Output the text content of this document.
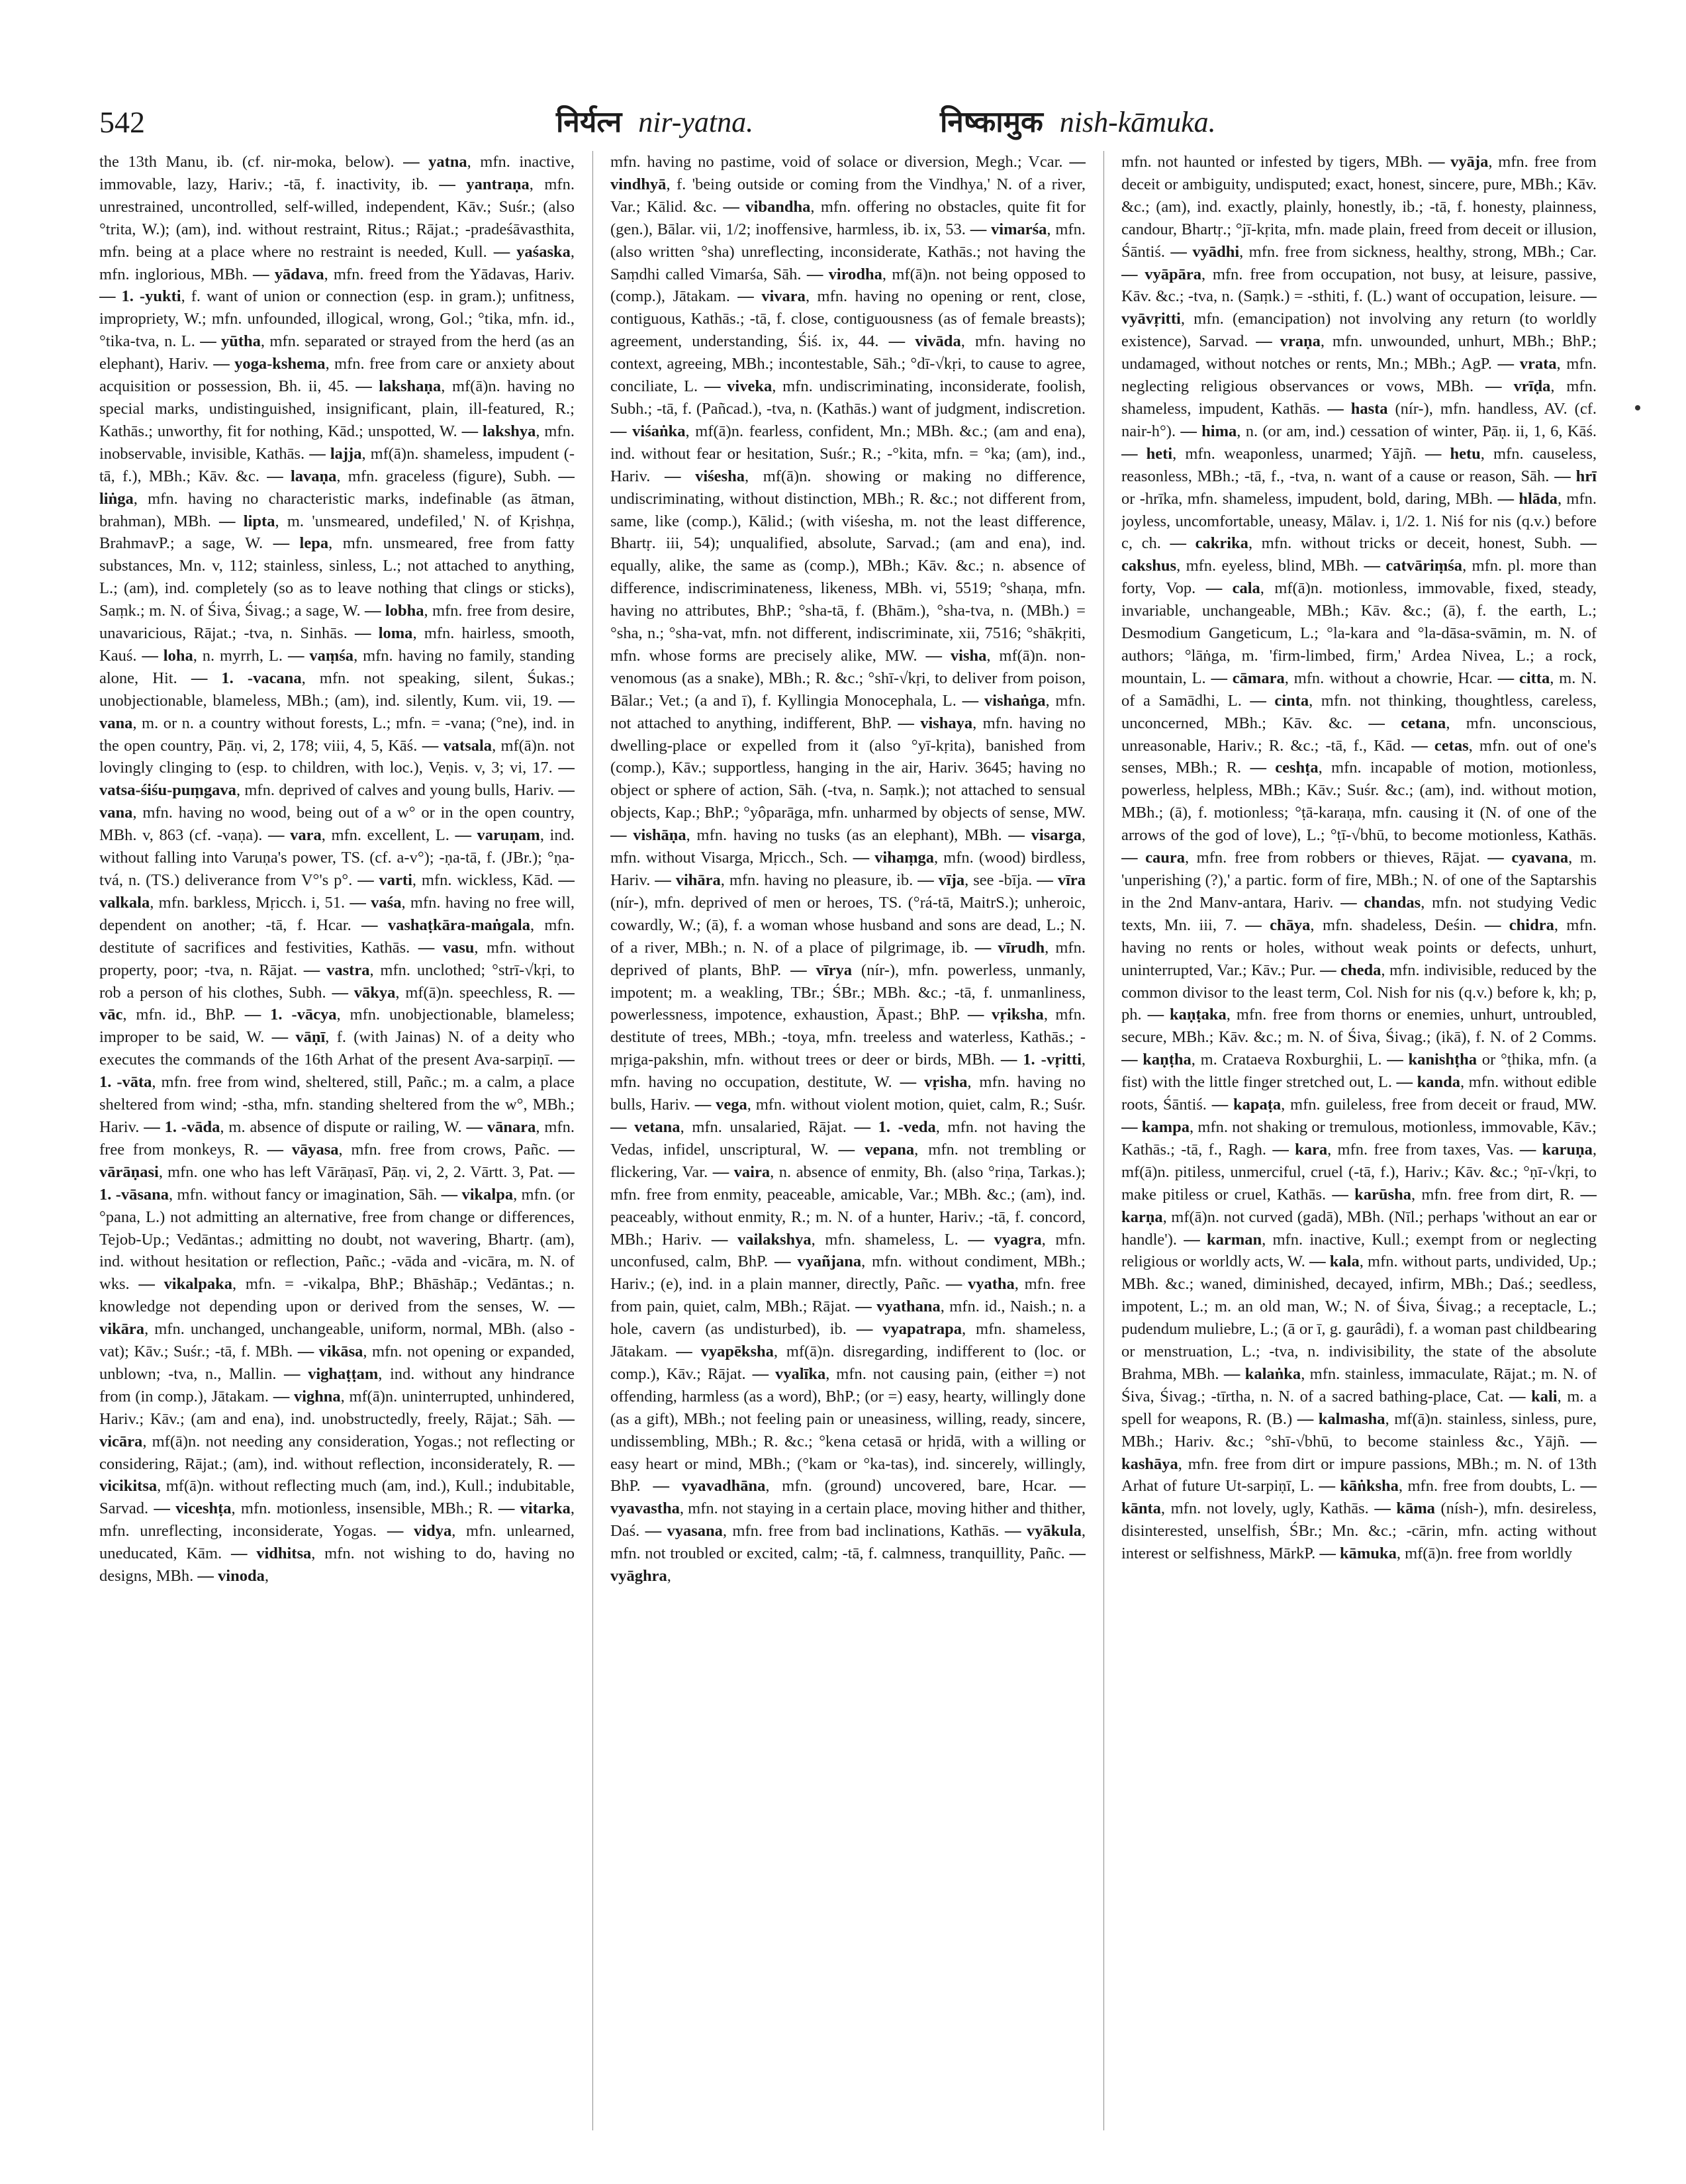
542	निर्यत्न nir-yatna.	निष्कामुक nish-kāmuka.

the 13th Manu, ib. (cf. nir-moka, below). — yatna, mfn. inactive, immovable, lazy, Hariv.; -tā, f. inactivity, ib. — yantraṇa, mfn. unrestrained, uncontrolled, self-willed, independent, Kāv.; Suśr.; (also °trita, W.); (am), ind. without restraint, Ritus.; Rājat.; -pradeśāvasthita, mfn. being at a place where no restraint is needed, Kull. — yaśaska, mfn. inglorious, MBh. — yādava, mfn. freed from the Yādavas, Hariv. — 1. -yukti, f. want of union or connection (esp. in gram.); unfitness, impropriety, W.; mfn. unfounded, illogical, wrong, Gol.; °tika, mfn. id., °tika-tva, n. L. — yūtha, mfn. separated or strayed from the herd (as an elephant), Hariv. — yoga-kshema, mfn. free from care or anxiety about acquisition or possession, Bh. ii, 45. — lakshaṇa, mf(ā)n. having no special marks, undistinguished, insignificant, plain, ill-featured, R.; Kathās.; unworthy, fit for nothing, Kād.; unspotted, W. — lakshya, mfn. inobservable, invisible, Kathās. — lajja, mf(ā)n. shameless, impudent (-tā, f.), MBh.; Kāv. &c. — lavaṇa, mfn. graceless (figure), Subh. — liṅga, mfn. having no characteristic marks, indefinable (as ātman, brahman), MBh. — lipta, m. 'unsmeared, undefiled,' N. of Kṛishṇa, BrahmavP.; a sage, W. — lepa, mfn. unsmeared, free from fatty substances, Mn. v, 112; stainless, sinless, L.; not attached to anything, L.; (am), ind. completely (so as to leave nothing that clings or sticks), Saṃk.; m. N. of Śiva, Śivag.; a sage, W. — lobha, mfn. free from desire, unavaricious, Rājat.; -tva, n. Sinhās. — loma, mfn. hairless, smooth, Kauś. — loha, n. myrrh, L. — vaṃśa, mfn. having no family, standing alone, Hit. — 1. -vacana, mfn. not speaking, silent, Śukas.; unobjectionable, blameless, MBh.; (am), ind. silently, Kum. vii, 19. — vana, m. or n. a country without forests, L.; mfn. = -vana; (°ne), ind. in the open country, Pāṇ. vi, 2, 178; viii, 4, 5, Kāś. — vatsala, mf(ā)n. not lovingly clinging to (esp. to children, with loc.), Veṇis. v, 3; vi, 17. — vatsa-śiśu-puṃgava, mfn. deprived of calves and young bulls, Hariv. — vana, mfn. having no wood, being out of a w° or in the open country, MBh. v, 863 (cf. -vaṇa). — vara, mfn. excellent, L. — varuṇam, ind. without falling into Varuṇa's power, TS. (cf. a-v°); -ṇa-tā, f. (JBr.); °ṇa-tvá, n. (TS.) deliverance from V°'s p°. — varti, mfn. wickless, Kād. — valkala, mfn. barkless, Mṛicch. i, 51. — vaśa, mfn. having no free will, dependent on another; -tā, f. Hcar. — vashaṭkāra-maṅgala, mfn. destitute of sacrifices and festivities, Kathās. — vasu, mfn. without property, poor; -tva, n. Rājat. — vastra, mfn. unclothed; °strī-√kṛi, to rob a person of his clothes, Subh. — vākya, mf(ā)n. speechless, R. — vāc, mfn. id., BhP. — 1. -vācya, mfn. unobjectionable, blameless; improper to be said, W. — vāṇī, f. (with Jainas) N. of a deity who executes the commands of the 16th Arhat of the present Ava-sarpiṇī. — 1. -vāta, mfn. free from wind, sheltered, still, Pañc.; m. a calm, a place sheltered from wind; -stha, mfn. standing sheltered from the w°, MBh.; Hariv. — 1. -vāda, m. absence of dispute or railing, W. — vānara, mfn. free from monkeys, R. — vāyasa, mfn. free from crows, Pañc. — vārāṇasi, mfn. one who has left Vārāṇasī, Pāṇ. vi, 2, 2. Vārtt. 3, Pat. — 1. -vāsana, mfn. without fancy or imagination, Sāh. — vikalpa, mfn. (or °pana, L.) not admitting an alternative, free from change or differences, Tejob-Up.; Vedāntas.; admitting no doubt, not wavering, Bhartṛ. (am), ind. without hesitation or reflection, Pañc.; -vāda and -vicāra, m. N. of wks. — vikalpaka, mfn. = -vikalpa, BhP.; Bhāshāp.; Vedāntas.; n. knowledge not depending upon or derived from the senses, W. — vikāra, mfn. unchanged, unchangeable, uniform, normal, MBh. (also -vat); Kāv.; Suśr.; -tā, f. MBh. — vikāsa, mfn. not opening or expanded, unblown; -tva, n., Mallin. — vighaṭṭam, ind. without any hindrance from (in comp.), Jātakam. — vighna, mf(ā)n. uninterrupted, unhindered, Hariv.; Kāv.; (am and ena), ind. unobstructedly, freely, Rājat.; Sāh. — vicāra, mf(ā)n. not needing any consideration, Yogas.; not reflecting or considering, Rājat.; (am), ind. without reflection, inconsiderately, R. — vicikitsa, mf(ā)n. without reflecting much (am, ind.), Kull.; indubitable, Sarvad. — viceshṭa, mfn. motionless, insensible, MBh.; R. — vitarka, mfn. unreflecting, inconsiderate, Yogas. — vidya, mfn. unlearned, uneducated, Kām. — vidhitsa, mfn. not wishing to do, having no designs, MBh. — vinoda,

mfn. having no pastime, void of solace or diversion, Megh.; Vcar. — vindhyā, f. 'being outside or coming from the Vindhya,' N. of a river, Var.; Kālid. &c. — vibandha, mfn. offering no obstacles, quite fit for (gen.), Bālar. vii, 1/2; inoffensive, harmless, ib. ix, 53. — vimarśa, mfn. (also written °sha) unreflecting, inconsiderate, Kathās.; not having the Saṃdhi called Vimarśa, Sāh. — virodha, mf(ā)n. not being opposed to (comp.), Jātakam. — vivara, mfn. having no opening or rent, close, contiguous, Kathās.; -tā, f. close, contiguousness (as of female breasts); agreement, understanding, Śiś. ix, 44. — vivāda, mfn. having no context, agreeing, MBh.; incontestable, Sāh.; °dī-√kṛi, to cause to agree, conciliate, L. — viveka, mfn. undiscriminating, inconsiderate, foolish, Subh.; -tā, f. (Pañcad.), -tva, n. (Kathās.) want of judgment, indiscretion. — viśaṅka, mf(ā)n. fearless, confident, Mn.; MBh. &c.; (am and ena), ind. without fear or hesitation, Suśr.; R.; -°kita, mfn. = °ka; (am), ind., Hariv. — viśesha, mf(ā)n. showing or making no difference, undiscriminating, without distinction, MBh.; R. &c.; not different from, same, like (comp.), Kālid.; (with viśesha, m. not the least difference, Bhartṛ. iii, 54); unqualified, absolute, Sarvad.; (am and ena), ind. equally, alike, the same as (comp.), MBh.; Kāv. &c.; n. absence of difference, indiscriminateness, likeness, MBh. vi, 5519; °shaṇa, mfn. having no attributes, BhP.; °sha-tā, f. (Bhām.), °sha-tva, n. (MBh.) = °sha, n.; °sha-vat, mfn. not different, indiscriminate, xii, 7516; °shākṛiti, mfn. whose forms are precisely alike, MW. — visha, mf(ā)n. non-venomous (as a snake), MBh.; R. &c.; °shī-√kṛi, to deliver from poison, Bālar.; Vet.; (a and ī), f. Kyllingia Monocephala, L. — vishaṅga, mfn. not attached to anything, indifferent, BhP. — vishaya, mfn. having no dwelling-place or expelled from it (also °yī-kṛita), banished from (comp.), Kāv.; supportless, hanging in the air, Hariv. 3645; having no object or sphere of action, Sāh. (-tva, n. Saṃk.); not attached to sensual objects, Kap.; BhP.; °yôparāga, mfn. unharmed by objects of sense, MW. — vishāṇa, mfn. having no tusks (as an elephant), MBh. — visarga, mfn. without Visarga, Mṛicch., Sch. — vihaṃga, mfn. (wood) birdless, Hariv. — vihāra, mfn. having no pleasure, ib. — vīja, see -bīja. — vīra (nír-), mfn. deprived of men or heroes, TS. (°rá-tā, MaitrS.); unheroic, cowardly, W.; (ā), f. a woman whose husband and sons are dead, L.; N. of a river, MBh.; n. N. of a place of pilgrimage, ib. — vīrudh, mfn. deprived of plants, BhP. — vīrya (nír-), mfn. powerless, unmanly, impotent; m. a weakling, TBr.; ŚBr.; MBh. &c.; -tā, f. unmanliness, powerlessness, impotence, exhaustion, Āpast.; BhP. — vṛiksha, mfn. destitute of trees, MBh.; -toya, mfn. treeless and waterless, Kathās.; -mṛiga-pakshin, mfn. without trees or deer or birds, MBh. — 1. -vṛitti, mfn. having no occupation, destitute, W. — vṛisha, mfn. having no bulls, Hariv. — vega, mfn. without violent motion, quiet, calm, R.; Suśr. — vetana, mfn. unsalaried, Rājat. — 1. -veda, mfn. not having the Vedas, infidel, unscriptural, W. — vepana, mfn. not trembling or flickering, Var. — vaira, n. absence of enmity, Bh. (also °riṇa, Tarkas.); mfn. free from enmity, peaceable, amicable, Var.; MBh. &c.; (am), ind. peaceably, without enmity, R.; m. N. of a hunter, Hariv.; -tā, f. concord, MBh.; Hariv. — vailakshya, mfn. shameless, L. — vyagra, mfn. unconfused, calm, BhP. — vyañjana, mfn. without condiment, MBh.; Hariv.; (e), ind. in a plain manner, directly, Pañc. — vyatha, mfn. free from pain, quiet, calm, MBh.; Rājat. — vyathana, mfn. id., Naish.; n. a hole, cavern (as undisturbed), ib. — vyapatrapa, mfn. shameless, Jātakam. — vyapēksha, mf(ā)n. disregarding, indifferent to (loc. or comp.), Kāv.; Rājat. — vyalīka, mfn. not causing pain, (either =) not offending, harmless (as a word), BhP.; (or =) easy, hearty, willingly done (as a gift), MBh.; not feeling pain or uneasiness, willing, ready, sincere, undissembling, MBh.; R. &c.; °kena cetasā or hṛidā, with a willing or easy heart or mind, MBh.; (°kam or °ka-tas), ind. sincerely, willingly, BhP. — vyavadhāna, mfn. (ground) uncovered, bare, Hcar. — vyavastha, mfn. not staying in a certain place, moving hither and thither, Daś. — vyasana, mfn. free from bad inclinations, Kathās. — vyākula, mfn. not troubled or excited, calm; -tā, f. calmness, tranquillity, Pañc. — vyāghra,

mfn. not haunted or infested by tigers, MBh. — vyāja, mfn. free from deceit or ambiguity, undisputed; exact, honest, sincere, pure, MBh.; Kāv. &c.; (am), ind. exactly, plainly, honestly, ib.; -tā, f. honesty, plainness, candour, Bhartṛ.; °jī-kṛita, mfn. made plain, freed from deceit or illusion, Śāntiś. — vyādhi, mfn. free from sickness, healthy, strong, MBh.; Car. — vyāpāra, mfn. free from occupation, not busy, at leisure, passive, Kāv. &c.; -tva, n. (Saṃk.) = -sthiti, f. (L.) want of occupation, leisure. — vyāvṛitti, mfn. (emancipation) not involving any return (to worldly existence), Sarvad. — vraṇa, mfn. unwounded, unhurt, MBh.; BhP.; undamaged, without notches or rents, Mn.; MBh.; AgP. — vrata, mfn. neglecting religious observances or vows, MBh. — vrīḍa, mfn. shameless, impudent, Kathās. — hasta (nír-), mfn. handless, AV. (cf. nair-h°). — hima, n. (or am, ind.) cessation of winter, Pāṇ. ii, 1, 6, Kāś. — heti, mfn. weaponless, unarmed; Yājñ. — hetu, mfn. causeless, reasonless, MBh.; -tā, f., -tva, n. want of a cause or reason, Sāh. — hrī or -hrīka, mfn. shameless, impudent, bold, daring, MBh. — hlāda, mfn. joyless, uncomfortable, uneasy, Mālav. i, 1/2. 1. Niś for nis (q.v.) before c, ch. — cakrika, mfn. without tricks or deceit, honest, Subh. — cakshus, mfn. eyeless, blind, MBh. — catvāriṃśa, mfn. pl. more than forty, Vop. — cala, mf(ā)n. motionless, immovable, fixed, steady, invariable, unchangeable, MBh.; Kāv. &c.; (ā), f. the earth, L.; Desmodium Gangeticum, L.; °la-kara and °la-dāsa-svāmin, m. N. of authors; °lāṅga, m. 'firm-limbed, firm,' Ardea Nivea, L.; a rock, mountain, L. — cāmara, mfn. without a chowrie, Hcar. — citta, m. N. of a Samādhi, L. — cinta, mfn. not thinking, thoughtless, careless, unconcerned, MBh.; Kāv. &c. — cetana, mfn. unconscious, unreasonable, Hariv.; R. &c.; -tā, f., Kād. — cetas, mfn. out of one's senses, MBh.; R. — ceshṭa, mfn. incapable of motion, motionless, powerless, helpless, MBh.; Kāv.; Suśr. &c.; (am), ind. without motion, MBh.; (ā), f. motionless; °ṭā-karaṇa, mfn. causing it (N. of one of the arrows of the god of love), L.; °ṭī-√bhū, to become motionless, Kathās. — caura, mfn. free from robbers or thieves, Rājat. — cyavana, m. 'unperishing (?),' a partic. form of fire, MBh.; N. of one of the Saptarshis in the 2nd Manv-antara, Hariv. — chandas, mfn. not studying Vedic texts, Mn. iii, 7. — chāya, mfn. shadeless, Deśin. — chidra, mfn. having no rents or holes, without weak points or defects, unhurt, uninterrupted, Var.; Kāv.; Pur. — cheda, mfn. indivisible, reduced by the common divisor to the least term, Col. Nish for nis (q.v.) before k, kh; p, ph. — kaṇṭaka, mfn. free from thorns or enemies, unhurt, untroubled, secure, MBh.; Kāv. &c.; m. N. of Śiva, Śivag.; (ikā), f. N. of 2 Comms. — kaṇṭha, m. Crataeva Roxburghii, L. — kanishṭha or °ṭhika, mfn. (a fist) with the little finger stretched out, L. — kanda, mfn. without edible roots, Śāntiś. — kapaṭa, mfn. guileless, free from deceit or fraud, MW. — kampa, mfn. not shaking or tremulous, motionless, immovable, Kāv.; Kathās.; -tā, f., Ragh. — kara, mfn. free from taxes, Vas. — karuṇa, mf(ā)n. pitiless, unmerciful, cruel (-tā, f.), Hariv.; Kāv. &c.; °ṇī-√kṛi, to make pitiless or cruel, Kathās. — karūsha, mfn. free from dirt, R. — karṇa, mf(ā)n. not curved (gadā), MBh. (Nīl.; perhaps 'without an ear or handle'). — karman, mfn. inactive, Kull.; exempt from or neglecting religious or worldly acts, W. — kala, mfn. without parts, undivided, Up.; MBh. &c.; waned, diminished, decayed, infirm, MBh.; Daś.; seedless, impotent, L.; m. an old man, W.; N. of Śiva, Śivag.; a receptacle, L.; pudendum muliebre, L.; (ā or ī, g. gaurâdi), f. a woman past childbearing or menstruation, L.; -tva, n. indivisibility, the state of the absolute Brahma, MBh. — kalaṅka, mfn. stainless, immaculate, Rājat.; m. N. of Śiva, Śivag.; -tīrtha, n. N. of a sacred bathing-place, Cat. — kali, m. a spell for weapons, R. (B.) — kalmasha, mf(ā)n. stainless, sinless, pure, MBh.; Hariv. &c.; °shī-√bhū, to become stainless &c., Yājñ. — kashāya, mfn. free from dirt or impure passions, MBh.; m. N. of 13th Arhat of future Ut-sarpiṇī, L. — kāṅksha, mfn. free from doubts, L. — kānta, mfn. not lovely, ugly, Kathās. — kāma (nísh-), mfn. desireless, disinterested, unselfish, ŚBr.; Mn. &c.; -cārin, mfn. acting without interest or selfishness, MārkP. — kāmuka, mf(ā)n. free from worldly
